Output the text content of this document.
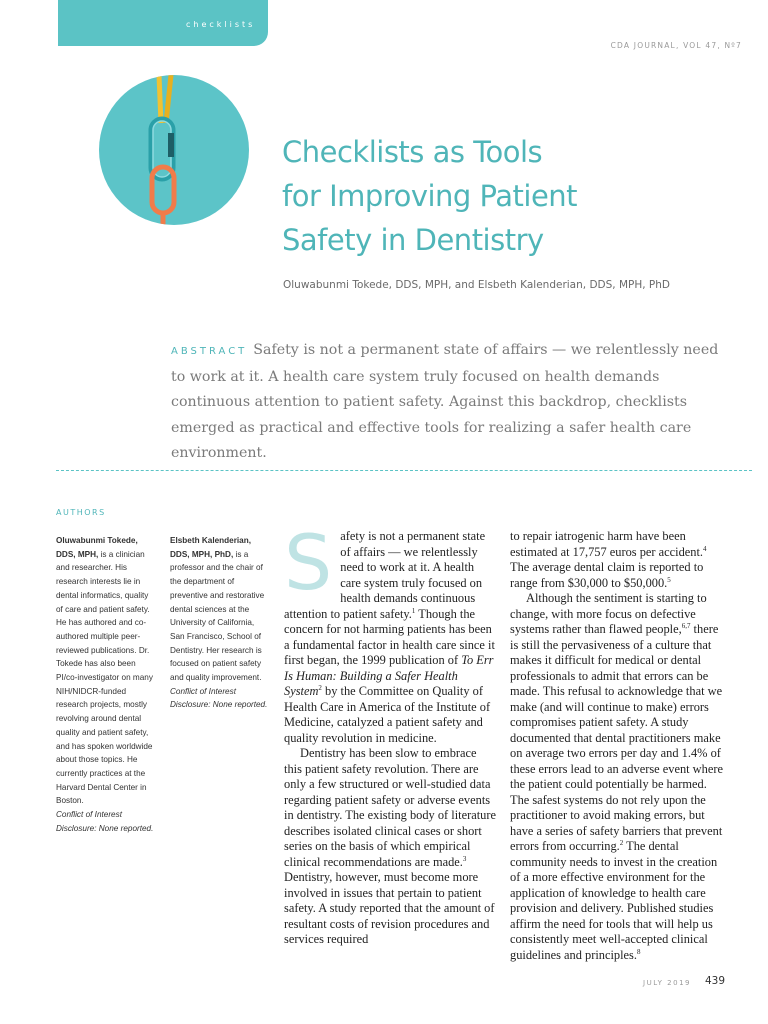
checklists
CDA JOURNAL, VOL 47, Nº7
Checklists as Tools
for Improving Patient
Safety in Dentistry
Oluwabunmi Tokede, DDS, MPH, and Elsbeth Kalenderian, DDS, MPH, PhD
ABSTRACT Safety is not a permanent state of affairs — we relentlessly need to work at it. A health care system truly focused on health demands continuous attention to patient safety. Against this backdrop, checklists emerged as practical and effective tools for realizing a safer health care environment.
AUTHORS
Oluwabunmi Tokede, DDS, MPH, is a clinician and researcher. His research interests lie in dental informatics, quality of care and patient safety. He has authored and co-authored multiple peer-reviewed publications. Dr. Tokede has also been PI/co-investigator on many NIH/NIDCR-funded research projects, mostly revolving around dental quality and patient safety, and has spoken worldwide about those topics. He currently practices at the Harvard Dental Center in Boston.
Conflict of Interest Disclosure: None reported.
Elsbeth Kalenderian, DDS, MPH, PhD, is a professor and the chair of the department of preventive and restorative dental sciences at the University of California, San Francisco, School of Dentistry. Her research is focused on patient safety and quality improvement.
Conflict of Interest Disclosure: None reported.

Safety is not a permanent state of affairs — we relentlessly need to work at it. A health care system truly focused on health demands continuous attention to patient safety.$^1$ Though the concern for not harming patients has been a fundamental factor in health care since it first began, the 1999 publication of To Err Is Human: Building a Safer Health System$^2$ by the Committee on Quality of Health Care in America of the Institute of Medicine, catalyzed a patient safety and quality revolution in medicine.

Dentistry has been slow to embrace this patient safety revolution. There are only a few structured or well-studied data regarding patient safety or adverse events in dentistry. The existing body of literature describes isolated clinical cases or short series on the basis of which empirical clinical recommendations are made.$^3$ Dentistry, however, must become more involved in issues that pertain to patient safety. A study reported that the amount of resultant costs of revision procedures and services required

to repair iatrogenic harm have been estimated at 17,757 euros per accident.$^4$ The average dental claim is reported to range from $30,000 to $50,000.$^5$

Although the sentiment is starting to change, with more focus on defective systems rather than flawed people,$^{6,7}$ there is still the pervasiveness of a culture that makes it difficult for medical or dental professionals to admit that errors can be made. This refusal to acknowledge that we make (and will continue to make) errors compromises patient safety. A study documented that dental practitioners make on average two errors per day and 1.4% of these errors lead to an adverse event where the patient could potentially be harmed. The safest systems do not rely upon the practitioner to avoid making errors, but have a series of safety barriers that prevent errors from occurring.$^2$ The dental community needs to invest in the creation of a more effective environment for the application of knowledge to health care provision and delivery. Published studies affirm the need for tools that will help us consistently meet well-accepted clinical guidelines and principles.$^8$

JULY 2019 439
